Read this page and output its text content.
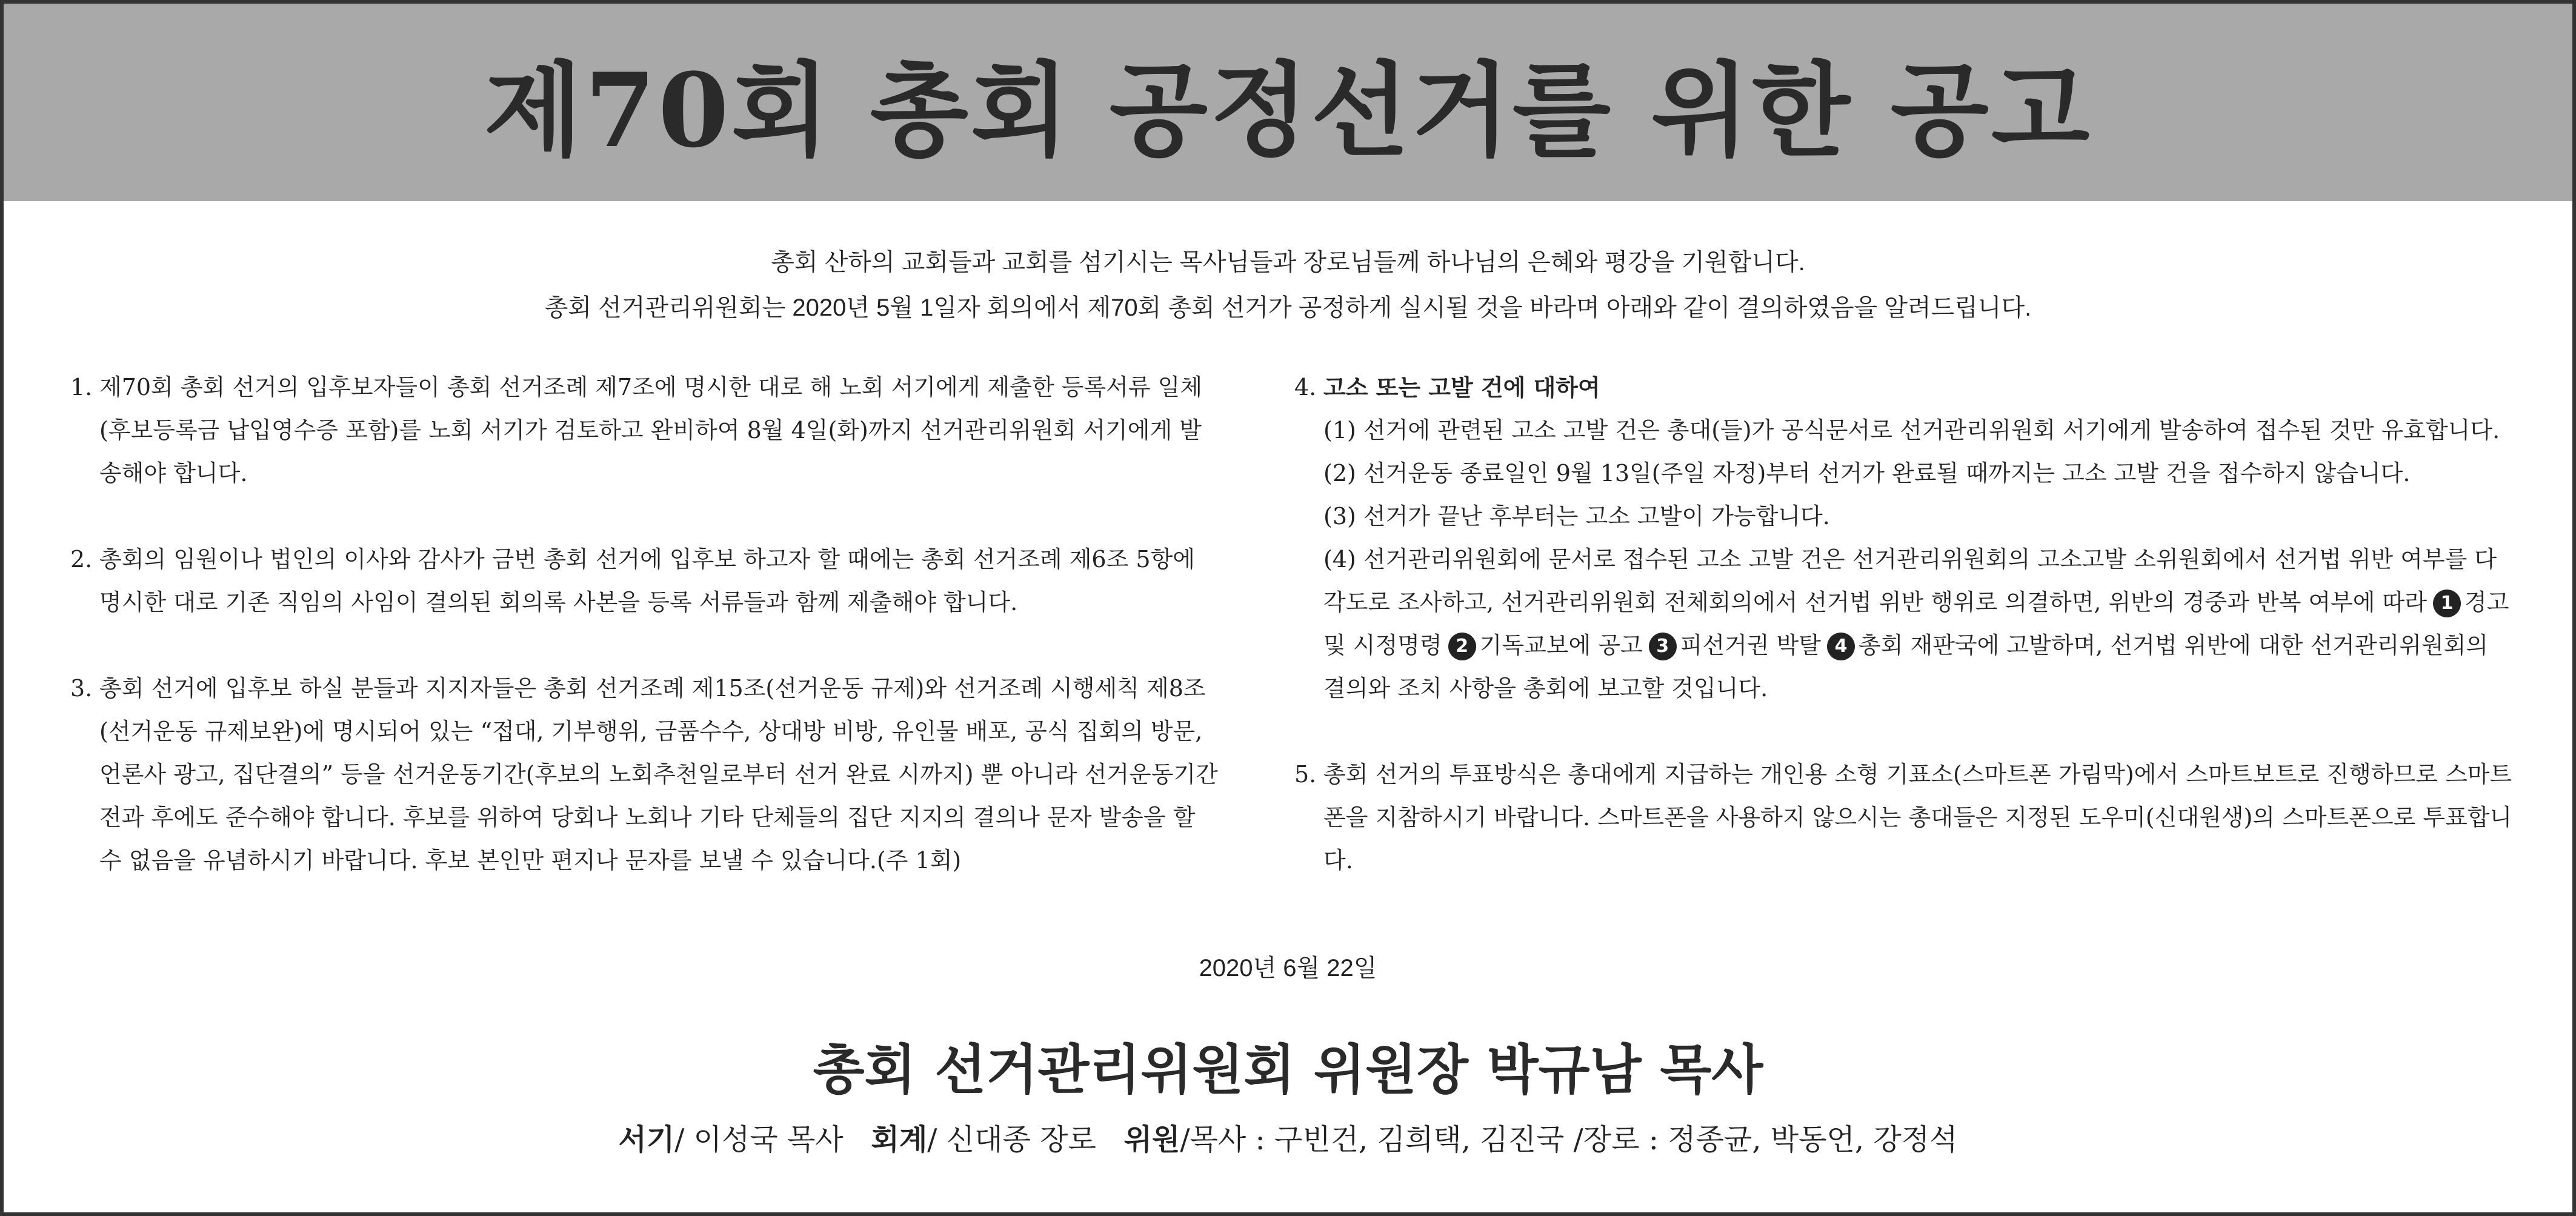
제70회 총회 공정선거를 위한 공고

총회 산하의 교회들과 교회를 섬기시는 목사님들과 장로님들께 하나님의 은혜와 평강을 기원합니다.

총회 선거관리위원회는 2020년 5월 1일자 회의에서 제70회 총회 선거가 공정하게 실시될 것을 바라며 아래와 같이 결의하였음을 알려드립니다.

1. 제70회 총회 선거의 입후보자들이 총회 선거조례 제7조에 명시한 대로 해 노회 서기에게 제출한 등록서류 일체(후보등록금 납입영수증 포함)를 노회 서기가 검토하고 완비하여 8월 4일(화)까지 선거관리위원회 서기에게 발송해야 합니다.

2. 총회의 임원이나 법인의 이사와 감사가 금번 총회 선거에 입후보 하고자 할 때에는 총회 선거조례 제6조 5항에 명시한 대로 기존 직임의 사임이 결의된 회의록 사본을 등록 서류들과 함께 제출해야 합니다.

3. 총회 선거에 입후보 하실 분들과 지지자들은 총회 선거조례 제15조(선거운동 규제)와 선거조례 시행세칙 제8조(선거운동 규제보완)에 명시되어 있는 “접대, 기부행위, 금품수수, 상대방 비방, 유인물 배포, 공식 집회의 방문, 언론사 광고, 집단결의” 등을 선거운동기간(후보의 노회추천일로부터 선거 완료 시까지) 뿐 아니라 선거운동기간 전과 후에도 준수해야 합니다. 후보를 위하여 당회나 노회나 기타 단체들의 집단 지지의 결의나 문자 발송을 할 수 없음을 유념하시기 바랍니다. 후보 본인만 편지나 문자를 보낼 수 있습니다.(주 1회)

4. 고소 또는 고발 건에 대하여

(1) 선거에 관련된 고소 고발 건은 총대(들)가 공식문서로 선거관리위원회 서기에게 발송하여 접수된 것만 유효합니다.

(2) 선거운동 종료일인 9월 13일(주일 자정)부터 선거가 완료될 때까지는 고소 고발 건을 접수하지 않습니다.

(3) 선거가 끝난 후부터는 고소 고발이 가능합니다.

(4) 선거관리위원회에 문서로 접수된 고소 고발 건은 선거관리위원회의 고소고발 소위원회에서 선거법 위반 여부를 다각도로 조사하고, 선거관리위원회 전체회의에서 선거법 위반 행위로 의결하면, 위반의 경중과 반복 여부에 따라 1 경고 및 시정명령 2 기독교보에 공고 3 피선거권 박탈 4 총회 재판국에 고발하며, 선거법 위반에 대한 선거관리위원회의 결의와 조치 사항을 총회에 보고할 것입니다.

5. 총회 선거의 투표방식은 총대에게 지급하는 개인용 소형 기표소(스마트폰 가림막)에서 스마트보트로 진행하므로 스마트폰을 지참하시기 바랍니다. 스마트폰을 사용하지 않으시는 총대들은 지정된 도우미(신대원생)의 스마트폰으로 투표합니다.

2020년 6월 22일
총회 선거관리위원회 위원장 박규남 목사
서기/ 이성국 목사 회계/ 신대종 장로 위원/목사 : 구빈건, 김희택, 김진국 /장로 : 정종균, 박동언, 강정석
